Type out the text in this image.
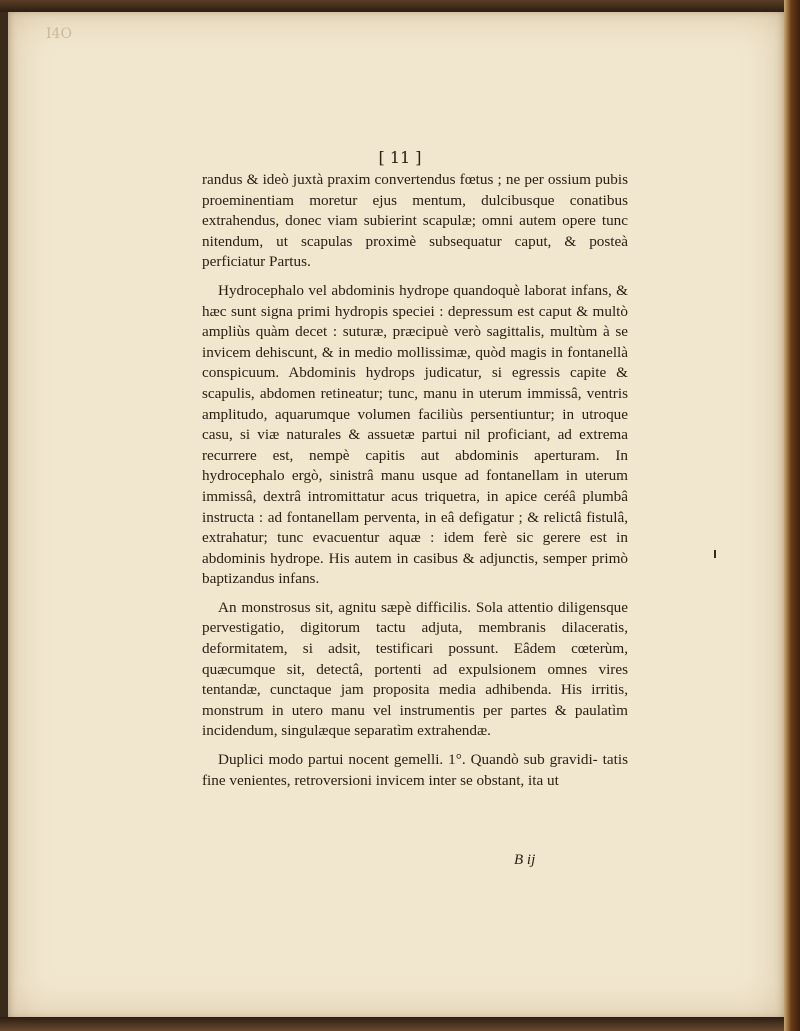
I4O
[ 11 ]

randus & ideò juxtà praxim convertendus fœtus ; ne per ossium pubis proeminentiam moretur ejus mentum, dulcibusque conatibus extrahendus, donec viam subierint scapulæ; omni autem opere tunc nitendum, ut scapulas proximè subsequatur caput, & posteà perficiatur Partus.

Hydrocephalo vel abdominis hydrope quandoquè laborat infans, & hæc sunt signa primi hydropis speciei : depressum est caput & multò ampliùs quàm decet : suturæ, præcipuè verò sagittalis, multùm à se invicem dehiscunt, & in medio mollissimæ, quòd magis in fontanellà conspicuum. Abdominis hydrops judicatur, si egressis capite & scapulis, abdomen retineatur; tunc, manu in uterum immissâ, ventris amplitudo, aquarumque volumen faciliùs persentiuntur; in utroque casu, si viæ naturales & assuetæ partui nil proficiant, ad extrema recurrere est, nempè capitis aut abdominis aperturam. In hydrocephalo ergò, sinistrâ manu usque ad fontanellam in uterum immissâ, dextrâ intromittatur acus triquetra, in apice ceréâ plumbâ instructa : ad fontanellam perventa, in eâ defigatur ; & relictâ fistulâ, extrahatur; tunc evacuentur aquæ : idem ferè sic gerere est in abdominis hydrope. His autem in casibus & adjunctis, semper primò baptizandus infans.

An monstrosus sit, agnitu sæpè difficilis. Sola attentio diligensque pervestigatio, digitorum tactu adjuta, membranis dilaceratis, deformitatem, si adsit, testificari possunt. Eâdem cœterùm, quæcumque sit, detectâ, portenti ad expulsionem omnes vires tentandæ, cunctaque jam proposita media adhibenda. His irritis, monstrum in utero manu vel instrumentis per partes & paulatìm incidendum, singulæque separatìm extrahendæ.

Duplici modo partui nocent gemelli. 1°. Quandò sub gravidi- tatis fine venientes, retroversioni invicem inter se obstant, ita ut

B ij
